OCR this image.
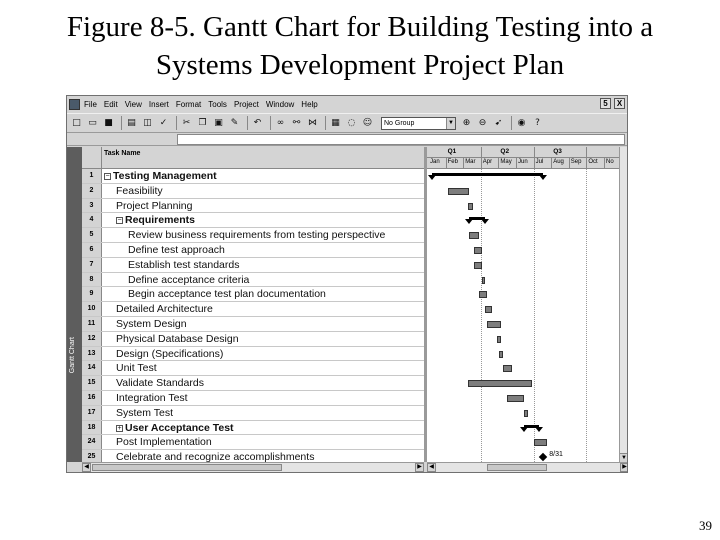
Figure 8-5. Gantt Chart for Building Testing into a
Systems Development Project Plan
File Edit View Insert Format Tools Project Window Help	5	X
□ ▭ ■ ▤ ◫ ✓	✂ ❐ ▣ ✎	↶	∞ ⚯ ⋈ ▦ ◌ ☺	No Group	▼ ⊕ ⊖ ➹	◉	?
Gantt Chart
Task Name
1	− Testing Management
2	Feasibility
3	Project Planning
4	− Requirements
5	Review business requirements from testing perspective
6	Define test approach
7	Establish test standards
8	Define acceptance criteria
9	Begin acceptance test plan documentation
10	Detailed Architecture
11	System Design
12	Physical Database Design
13	Design (Specifications)
14	Unit Test
15	Validate Standards
16	Integration Test
17	System Test
18	+ User Acceptance Test
24	Post Implementation
25	Celebrate and recognize accomplishments
Q1	Q2	Q3
Jan Feb Mar Apr May Jun Jul Aug Sep Oct No
8/31	▼
◀	▶	◀	▶
39
